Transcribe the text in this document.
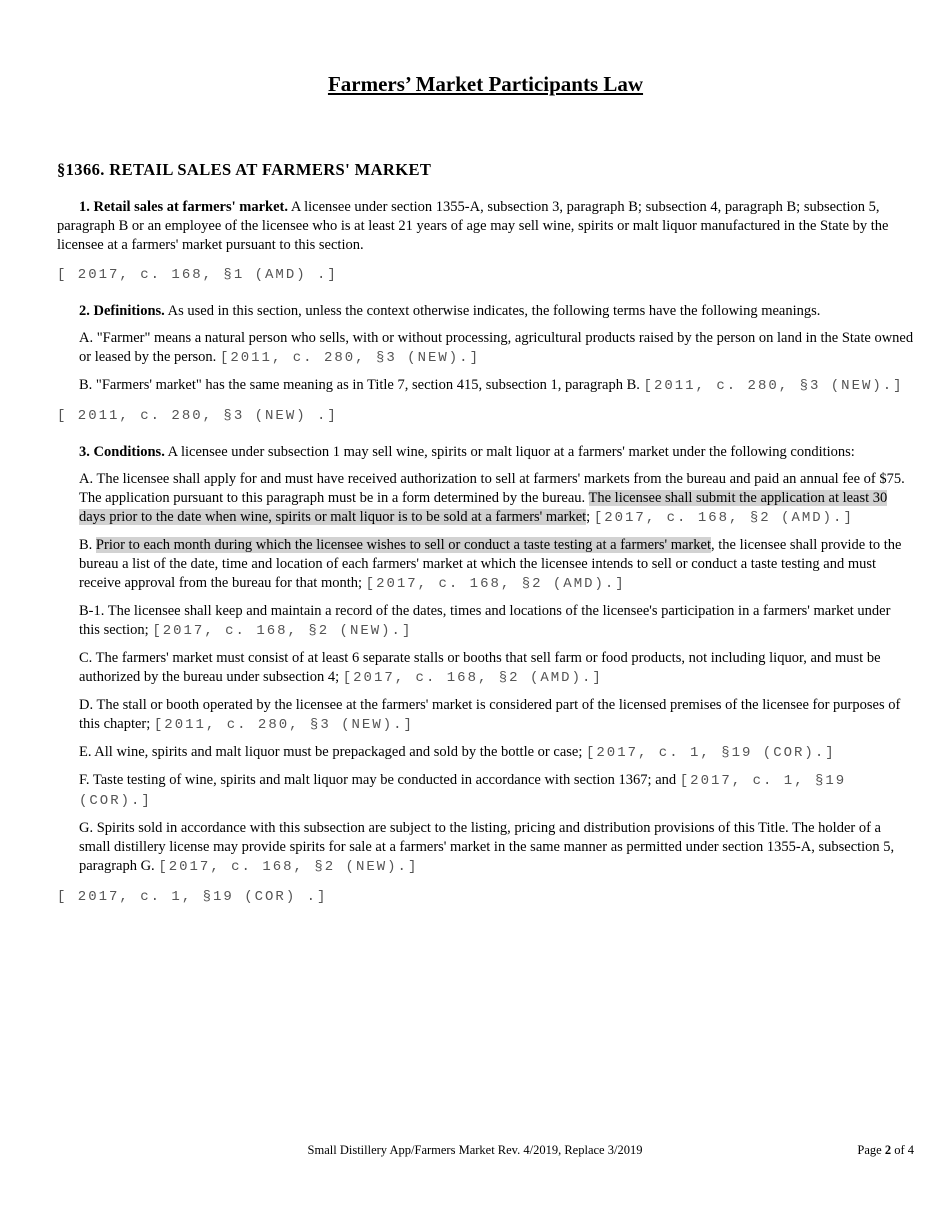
Farmers’ Market Participants Law
§1366. RETAIL SALES AT FARMERS' MARKET

1. Retail sales at farmers' market. A licensee under section 1355-A, subsection 3, paragraph B; subsection 4, paragraph B; subsection 5, paragraph B or an employee of the licensee who is at least 21 years of age may sell wine, spirits or malt liquor manufactured in the State by the licensee at a farmers' market pursuant to this section.

[ 2017, c. 168, §1 (AMD) .]

2. Definitions. As used in this section, unless the context otherwise indicates, the following terms have the following meanings.

A. "Farmer" means a natural person who sells, with or without processing, agricultural products raised by the person on land in the State owned or leased by the person. [2011, c. 280, §3 (NEW).]

B. "Farmers' market" has the same meaning as in Title 7, section 415, subsection 1, paragraph B. [2011, c. 280, §3 (NEW).]

[ 2011, c. 280, §3 (NEW) .]

3. Conditions. A licensee under subsection 1 may sell wine, spirits or malt liquor at a farmers' market under the following conditions:

A. The licensee shall apply for and must have received authorization to sell at farmers' markets from the bureau and paid an annual fee of $75. The application pursuant to this paragraph must be in a form determined by the bureau. The licensee shall submit the application at least 30 days prior to the date when wine, spirits or malt liquor is to be sold at a farmers' market; [2017, c. 168, §2 (AMD).]

B. Prior to each month during which the licensee wishes to sell or conduct a taste testing at a farmers' market, the licensee shall provide to the bureau a list of the date, time and location of each farmers' market at which the licensee intends to sell or conduct a taste testing and must receive approval from the bureau for that month; [2017, c. 168, §2 (AMD).]

B-1. The licensee shall keep and maintain a record of the dates, times and locations of the licensee's participation in a farmers' market under this section; [2017, c. 168, §2 (NEW).]

C. The farmers' market must consist of at least 6 separate stalls or booths that sell farm or food products, not including liquor, and must be authorized by the bureau under subsection 4; [2017, c. 168, §2 (AMD).]

D. The stall or booth operated by the licensee at the farmers' market is considered part of the licensed premises of the licensee for purposes of this chapter; [2011, c. 280, §3 (NEW).]

E. All wine, spirits and malt liquor must be prepackaged and sold by the bottle or case; [2017, c. 1, §19 (COR).]

F. Taste testing of wine, spirits and malt liquor may be conducted in accordance with section 1367; and [2017, c. 1, §19 (COR).]

G. Spirits sold in accordance with this subsection are subject to the listing, pricing and distribution provisions of this Title. The holder of a small distillery license may provide spirits for sale at a farmers' market in the same manner as permitted under section 1355-A, subsection 5, paragraph G. [2017, c. 168, §2 (NEW).]

[ 2017, c. 1, §19 (COR) .]

Small Distillery App/Farmers Market Rev. 4/2019, Replace 3/2019	Page 2 of 4
